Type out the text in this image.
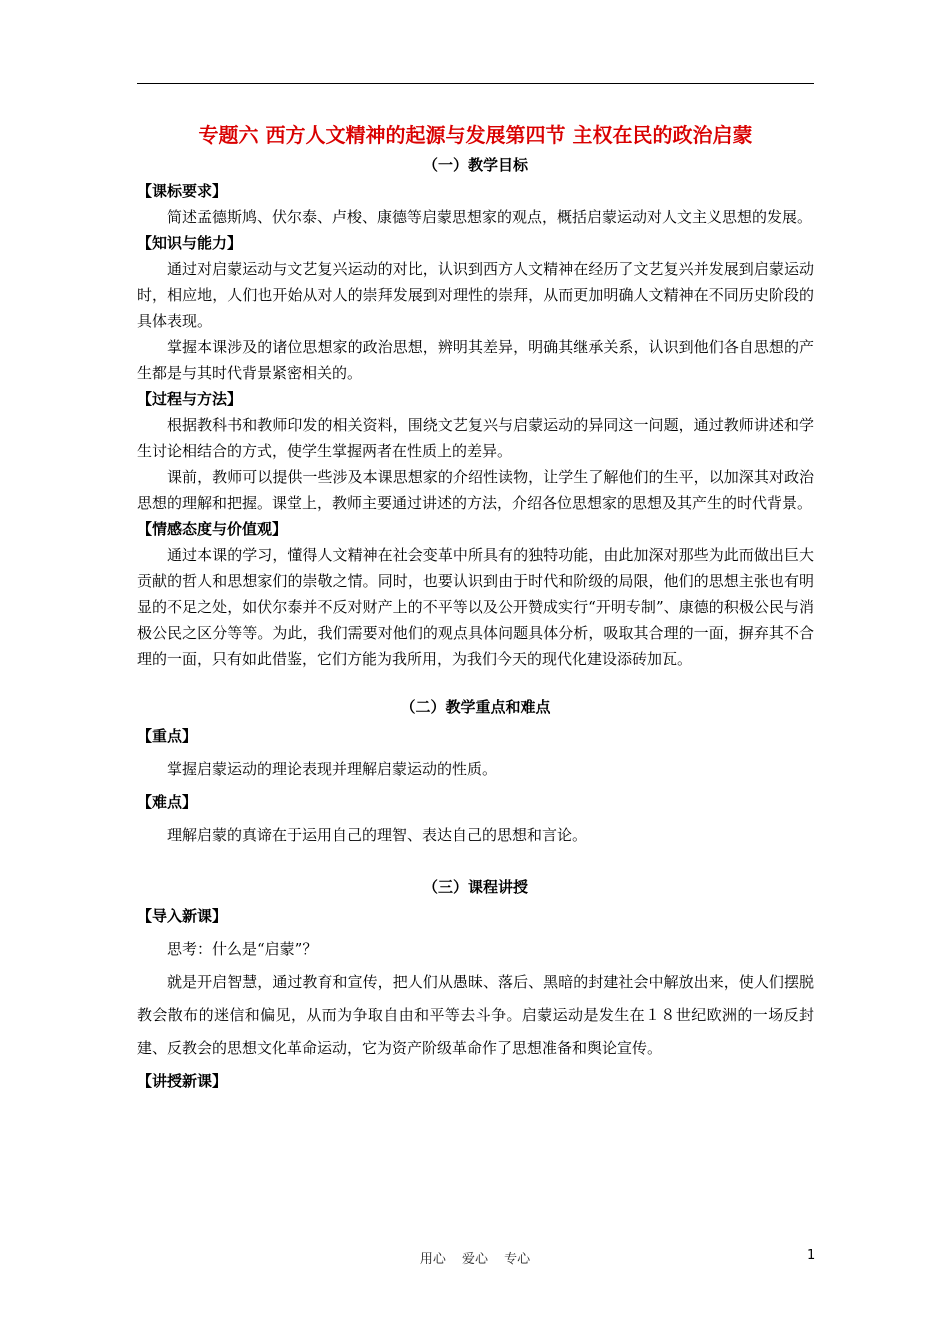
专题六 西方人文精神的起源与发展第四节 主权在民的政治启蒙

（一）教学目标

【课标要求】

简述孟德斯鸠、伏尔泰、卢梭、康德等启蒙思想家的观点，概括启蒙运动对人文主义思想的发展。

【知识与能力】

通过对启蒙运动与文艺复兴运动的对比，认识到西方人文精神在经历了文艺复兴并发展到启蒙运动时，相应地，人们也开始从对人的崇拜发展到对理性的崇拜，从而更加明确人文精神在不同历史阶段的具体表现。

掌握本课涉及的诸位思想家的政治思想，辨明其差异，明确其继承关系，认识到他们各自思想的产生都是与其时代背景紧密相关的。

【过程与方法】

根据教科书和教师印发的相关资料，围绕文艺复兴与启蒙运动的异同这一问题，通过教师讲述和学生讨论相结合的方式，使学生掌握两者在性质上的差异。

课前，教师可以提供一些涉及本课思想家的介绍性读物，让学生了解他们的生平，以加深其对政治思想的理解和把握。课堂上，教师主要通过讲述的方法，介绍各位思想家的思想及其产生的时代背景。

【情感态度与价值观】

通过本课的学习，懂得人文精神在社会变革中所具有的独特功能，由此加深对那些为此而做出巨大贡献的哲人和思想家们的崇敬之情。同时，也要认识到由于时代和阶级的局限，他们的思想主张也有明显的不足之处，如伏尔泰并不反对财产上的不平等以及公开赞成实行“开明专制”、康德的积极公民与消极公民之区分等等。为此，我们需要对他们的观点具体问题具体分析，吸取其合理的一面，摒弃其不合理的一面，只有如此借鉴，它们方能为我所用，为我们今天的现代化建设添砖加瓦。

（二）教学重点和难点

【重点】

掌握启蒙运动的理论表现并理解启蒙运动的性质。

【难点】

理解启蒙的真谛在于运用自己的理智、表达自己的思想和言论。

（三）课程讲授

【导入新课】

思考：什么是“启蒙”？

就是开启智慧，通过教育和宣传，把人们从愚昧、落后、黑暗的封建社会中解放出来，使人们摆脱教会散布的迷信和偏见，从而为争取自由和平等去斗争。启蒙运动是发生在１８世纪欧洲的一场反封建、反教会的思想文化革命运动，它为资产阶级革命作了思想准备和舆论宣传。

【讲授新课】

用心 爱心 专心	1
